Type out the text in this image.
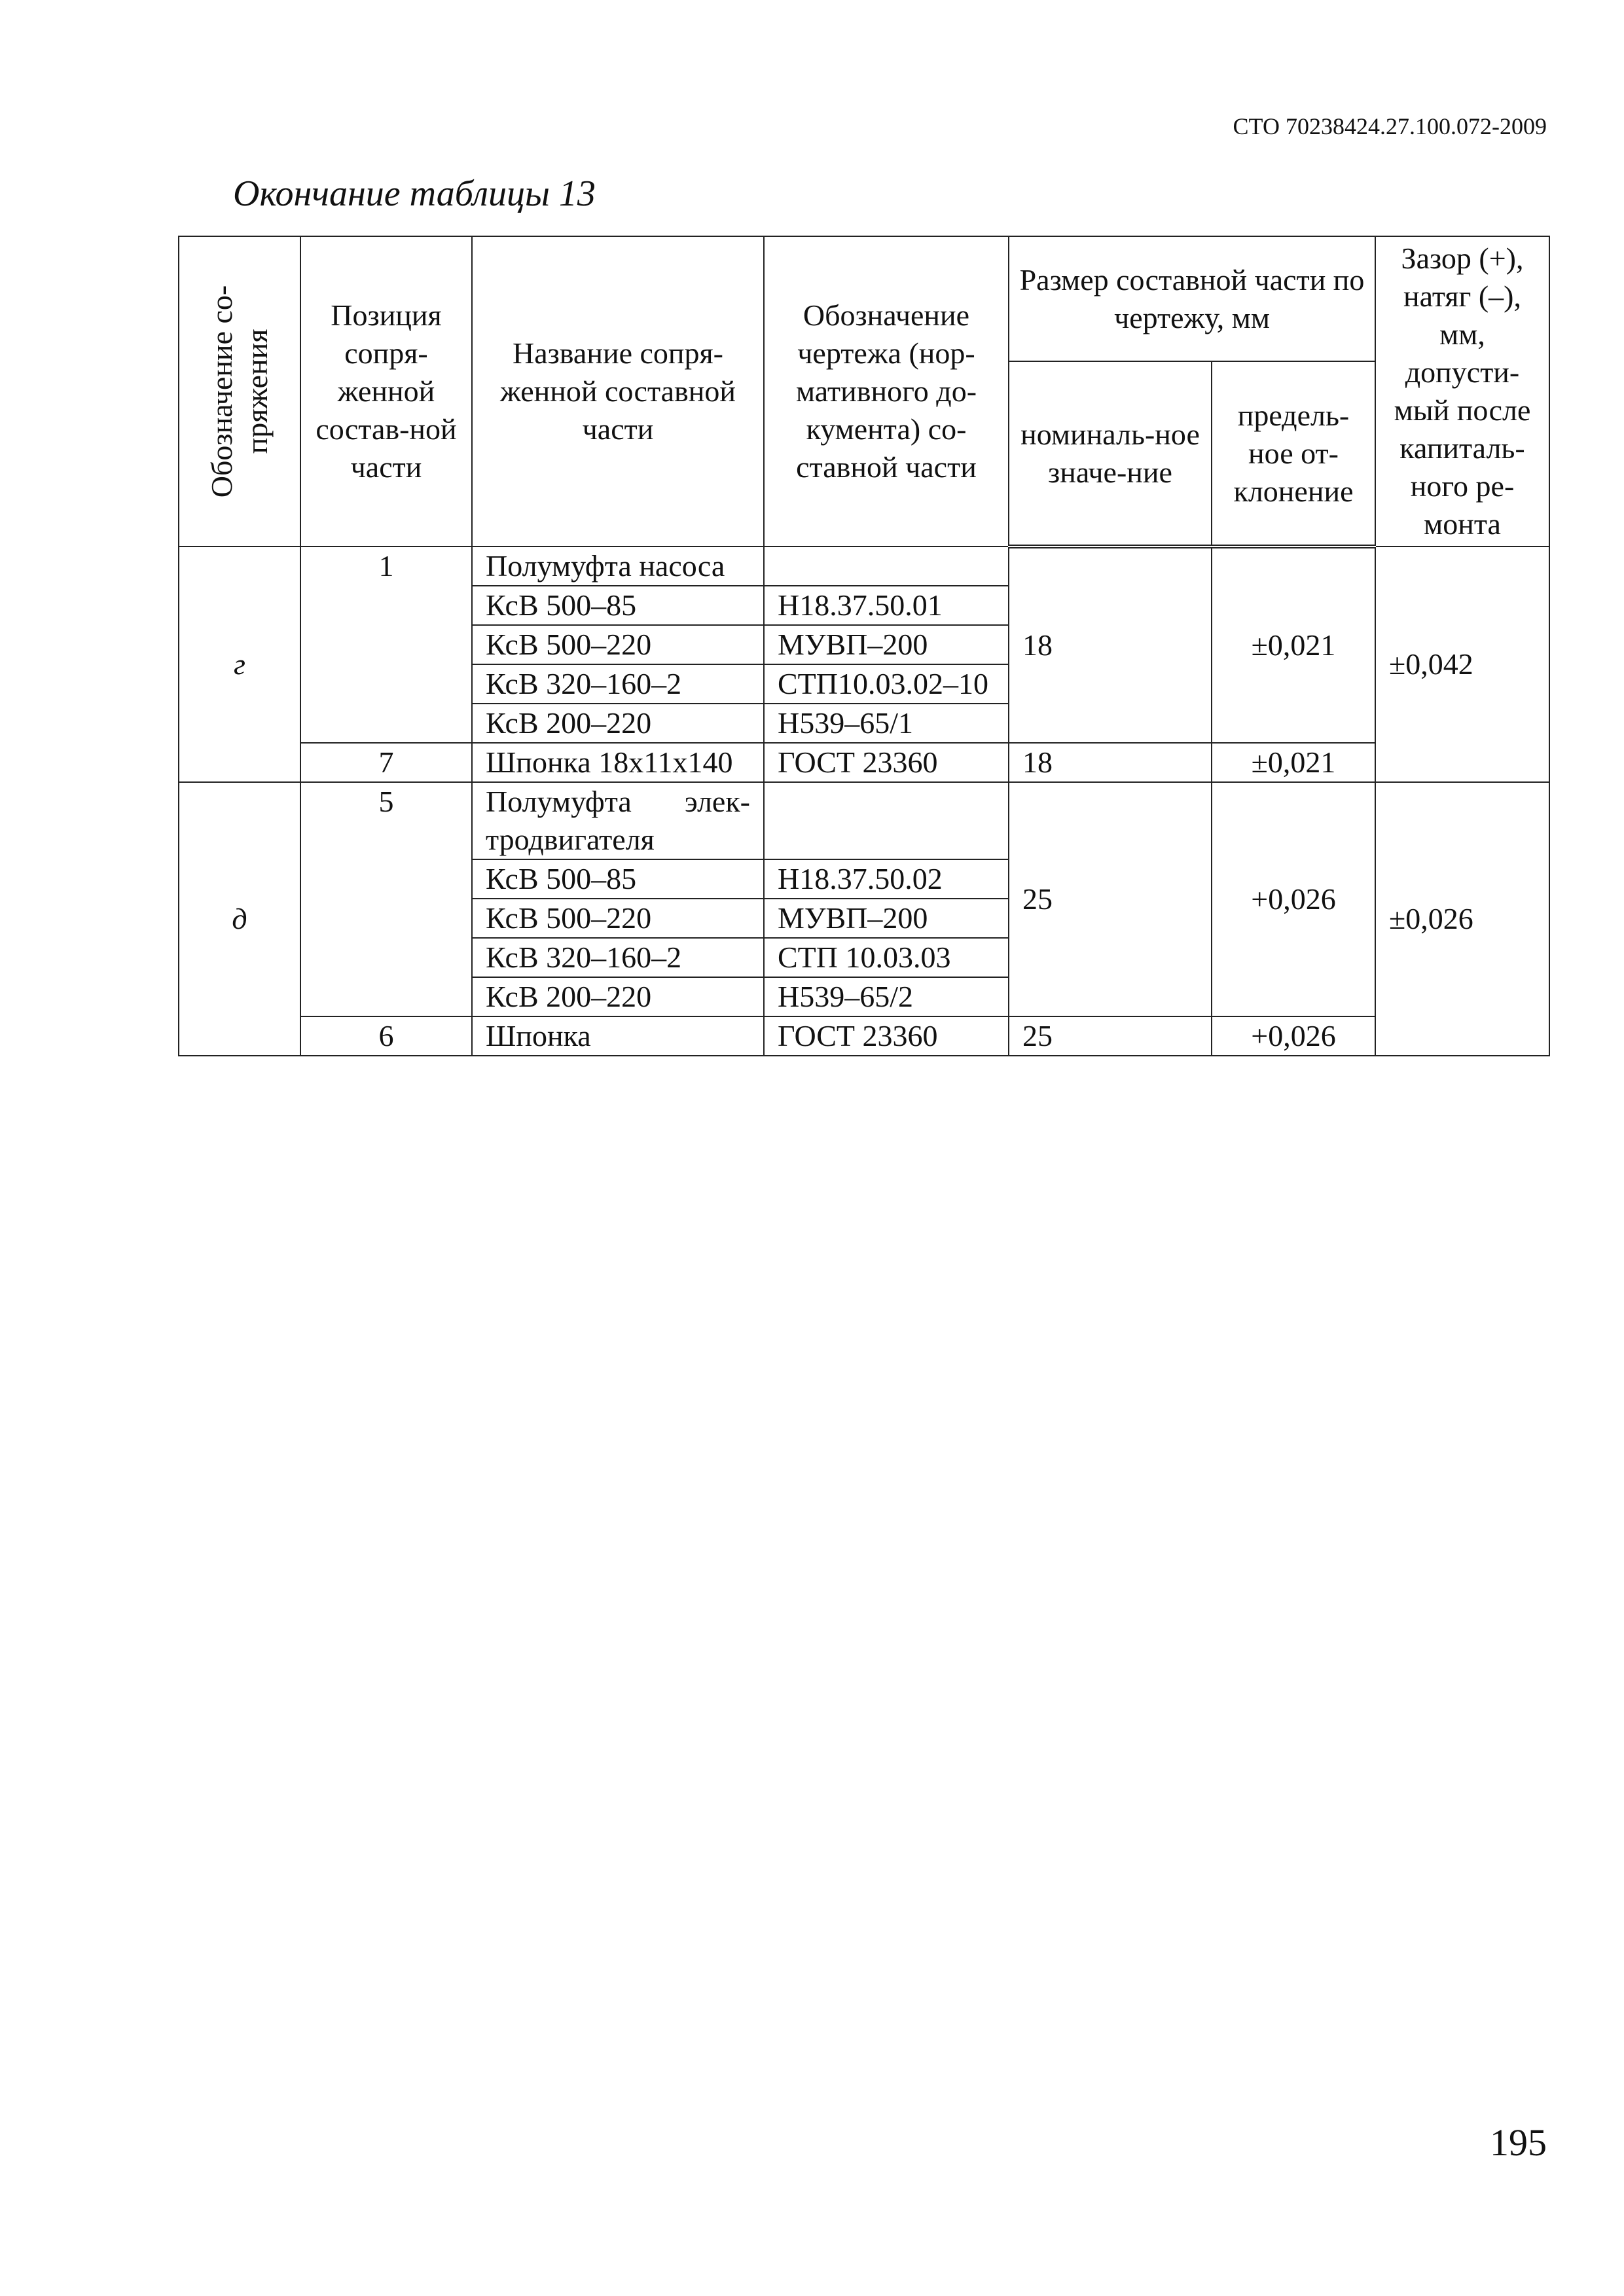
СТО 70238424.27.100.072-2009
Окончание таблицы 13
Обозначение со-пряжения	Позиция сопря-женной состав-ной части	Название сопря-женной составной части	Обозначение чертежа (нор-мативного до-кумента) со-ставной части	Размер составной части по чертежу, мм		Зазор (+), натяг (–), мм, допусти-мый после капиталь-ного ре-монта
				номиналь-ное значе-ние	предель-ное от-клонение	
г	1	Полумуфта насоса		18	±0,021	±0,042
		КсВ 500–85	Н18.37.50.01			
		КсВ 500–220	МУВП–200			
		КсВ 320–160–2	СТП10.03.02–10			
		КсВ 200–220	Н539–65/1			
	7	Шпонка 18x11x140	ГОСТ 23360	18	±0,021	
д	5	Полумуфта элек-тродвигателя		25	+0,026	±0,026
		КсВ 500–85	Н18.37.50.02			
		КсВ 500–220	МУВП–200			
		КсВ 320–160–2	СТП 10.03.03			
		КсВ 200–220	Н539–65/2			
	6	Шпонка	ГОСТ 23360	25	+0,026	
195
